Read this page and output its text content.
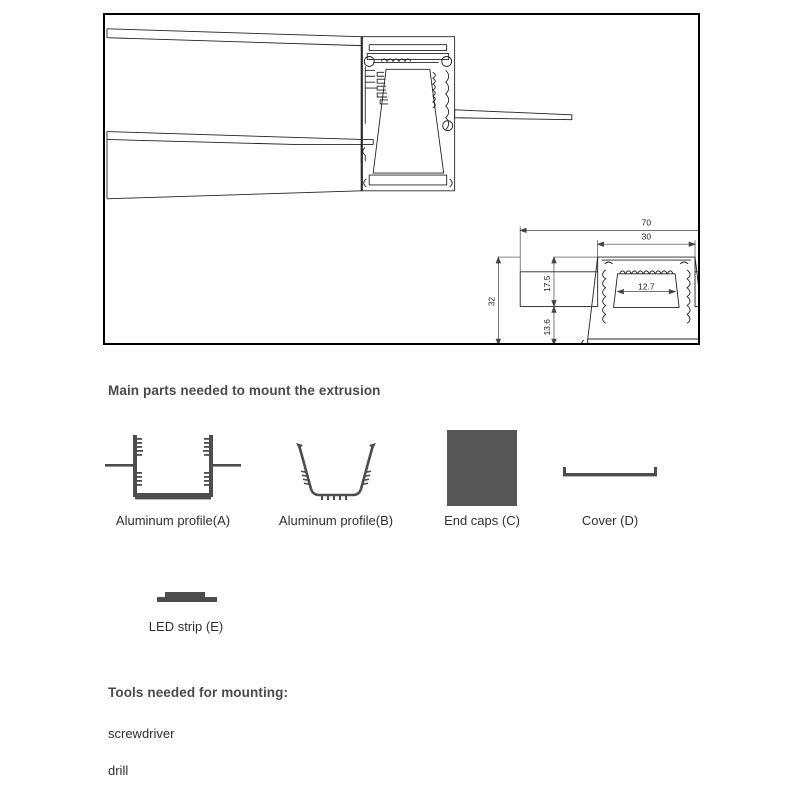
70
30
12.7
32
17.5
13.6
Main parts needed to mount the extrusion
Aluminum profile(A)	Aluminum profile(B)	End caps (C)	Cover (D)
LED strip (E)
Tools needed for mounting:
screwdriver
drill
